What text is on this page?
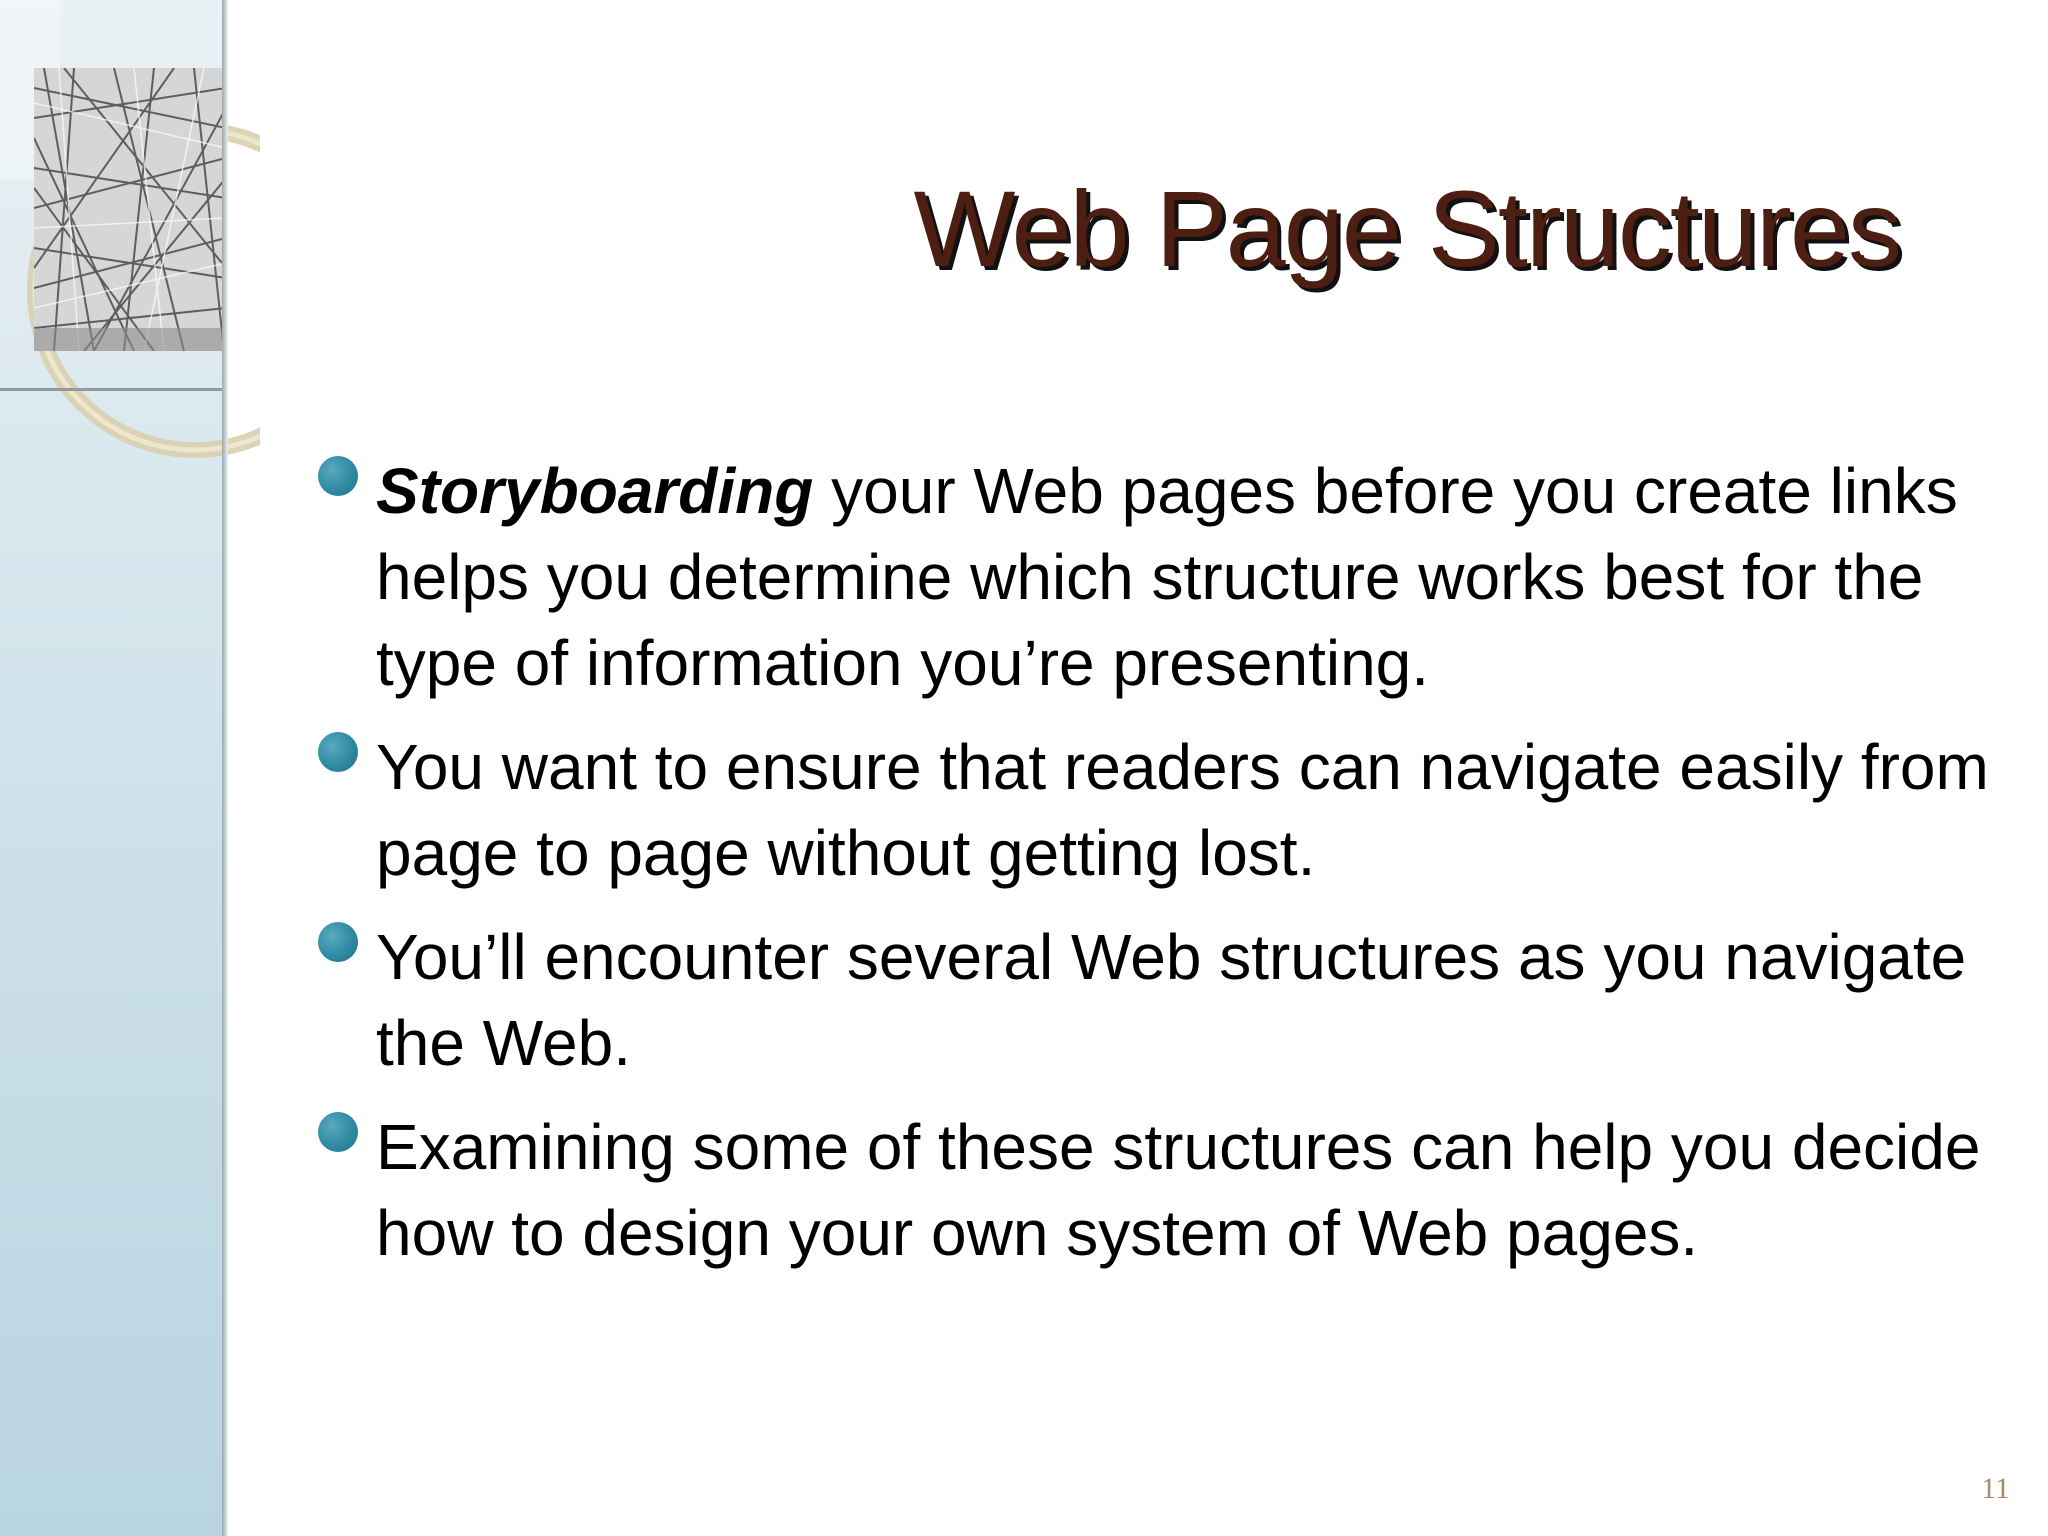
Web Page Structures
Storyboarding your Web pages before you create links helps you determine which structure works best for the type of information you’re presenting.
You want to ensure that readers can navigate easily from page to page without getting lost.
You’ll encounter several Web structures as you navigate the Web.
Examining some of these structures can help you decide how to design your own system of Web pages.
11
